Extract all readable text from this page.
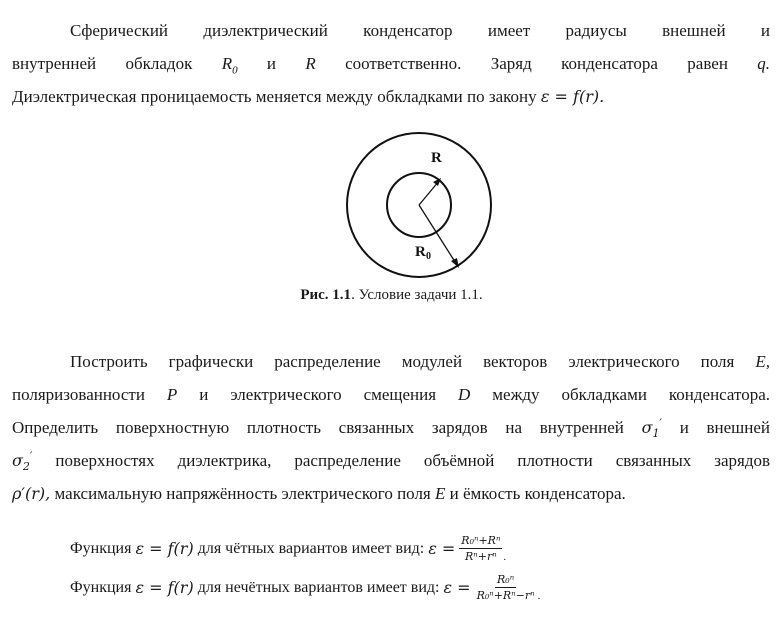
Сферический диэлектрический конденсатор имеет радиусы внешней и
внутренней обкладок $R_0$ и R соответственно. Заряд конденсатора равен q.
Диэлектрическая проницаемость меняется между обкладками по закону ε = f(r).
R
R 0
Рис. 1.1. Условие задачи 1.1.
Построить графически распределение модулей векторов электрического поля E,
поляризованности P и электрического смещения D между обкладками конденсатора.
Определить поверхностную плотность связанных зарядов на внутренней $\sigma_1'$ и внешней
$\sigma_2'$ поверхностях диэлектрика, распределение объёмной плотности связанных зарядов
ρ′(r), максимальную напряжённость электрического поля E и ёмкость конденсатора.
Функция
ε = f(r)
для чётных вариантов имеет вид:
$\varepsilon = \frac{\text{R₀ⁿ+Rⁿ}}{\text{Rⁿ+rⁿ}}$ .
Функция
ε = f(r)
для нечётных вариантов имеет вид:
$\varepsilon = \frac{\text{R₀ⁿ}}{\text{R₀ⁿ+Rⁿ−rⁿ}}$ .
